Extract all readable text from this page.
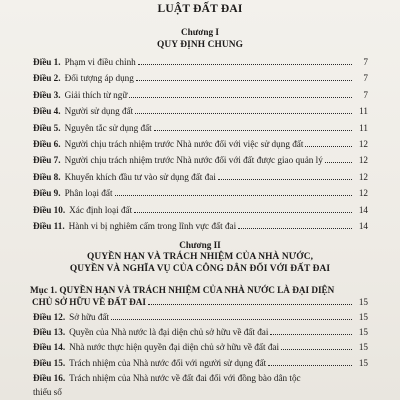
LUẬT ĐẤT ĐAI
Chương I
QUY ĐỊNH CHUNG
Điều 1. Phạm vi điều chỉnh	7
Điều 2. Đối tượng áp dụng	7
Điều 3. Giải thích từ ngữ	7
Điều 4. Người sử dụng đất	11
Điều 5. Nguyên tắc sử dụng đất	11
Điều 6. Người chịu trách nhiệm trước Nhà nước đối với việc sử dụng đất	12
Điều 7. Người chịu trách nhiệm trước Nhà nước đối với đất được giao quản lý	12
Điều 8. Khuyến khích đầu tư vào sử dụng đất đai	12
Điều 9. Phân loại đất	12
Điều 10. Xác định loại đất	14
Điều 11. Hành vi bị nghiêm cấm trong lĩnh vực đất đai	14
Chương II
QUYỀN HẠN VÀ TRÁCH NHIỆM CỦA NHÀ NƯỚC,
QUYỀN VÀ NGHĨA VỤ CỦA CÔNG DÂN ĐỐI VỚI ĐẤT ĐAI
Mục 1. QUYỀN HẠN VÀ TRÁCH NHIỆM CỦA NHÀ NƯỚC LÀ ĐẠI DIỆN
CHỦ SỞ HỮU VỀ ĐẤT ĐAI	15
Điều 12. Sở hữu đất	15
Điều 13. Quyền của Nhà nước là đại diện chủ sở hữu về đất đai	15
Điều 14. Nhà nước thực hiện quyền đại diện chủ sở hữu về đất đai	15
Điều 15. Trách nhiệm của Nhà nước đối với người sử dụng đất	15
Điều 16. Trách nhiệm của Nhà nước về đất đai đối với đồng bào dân tộc
thiểu số
